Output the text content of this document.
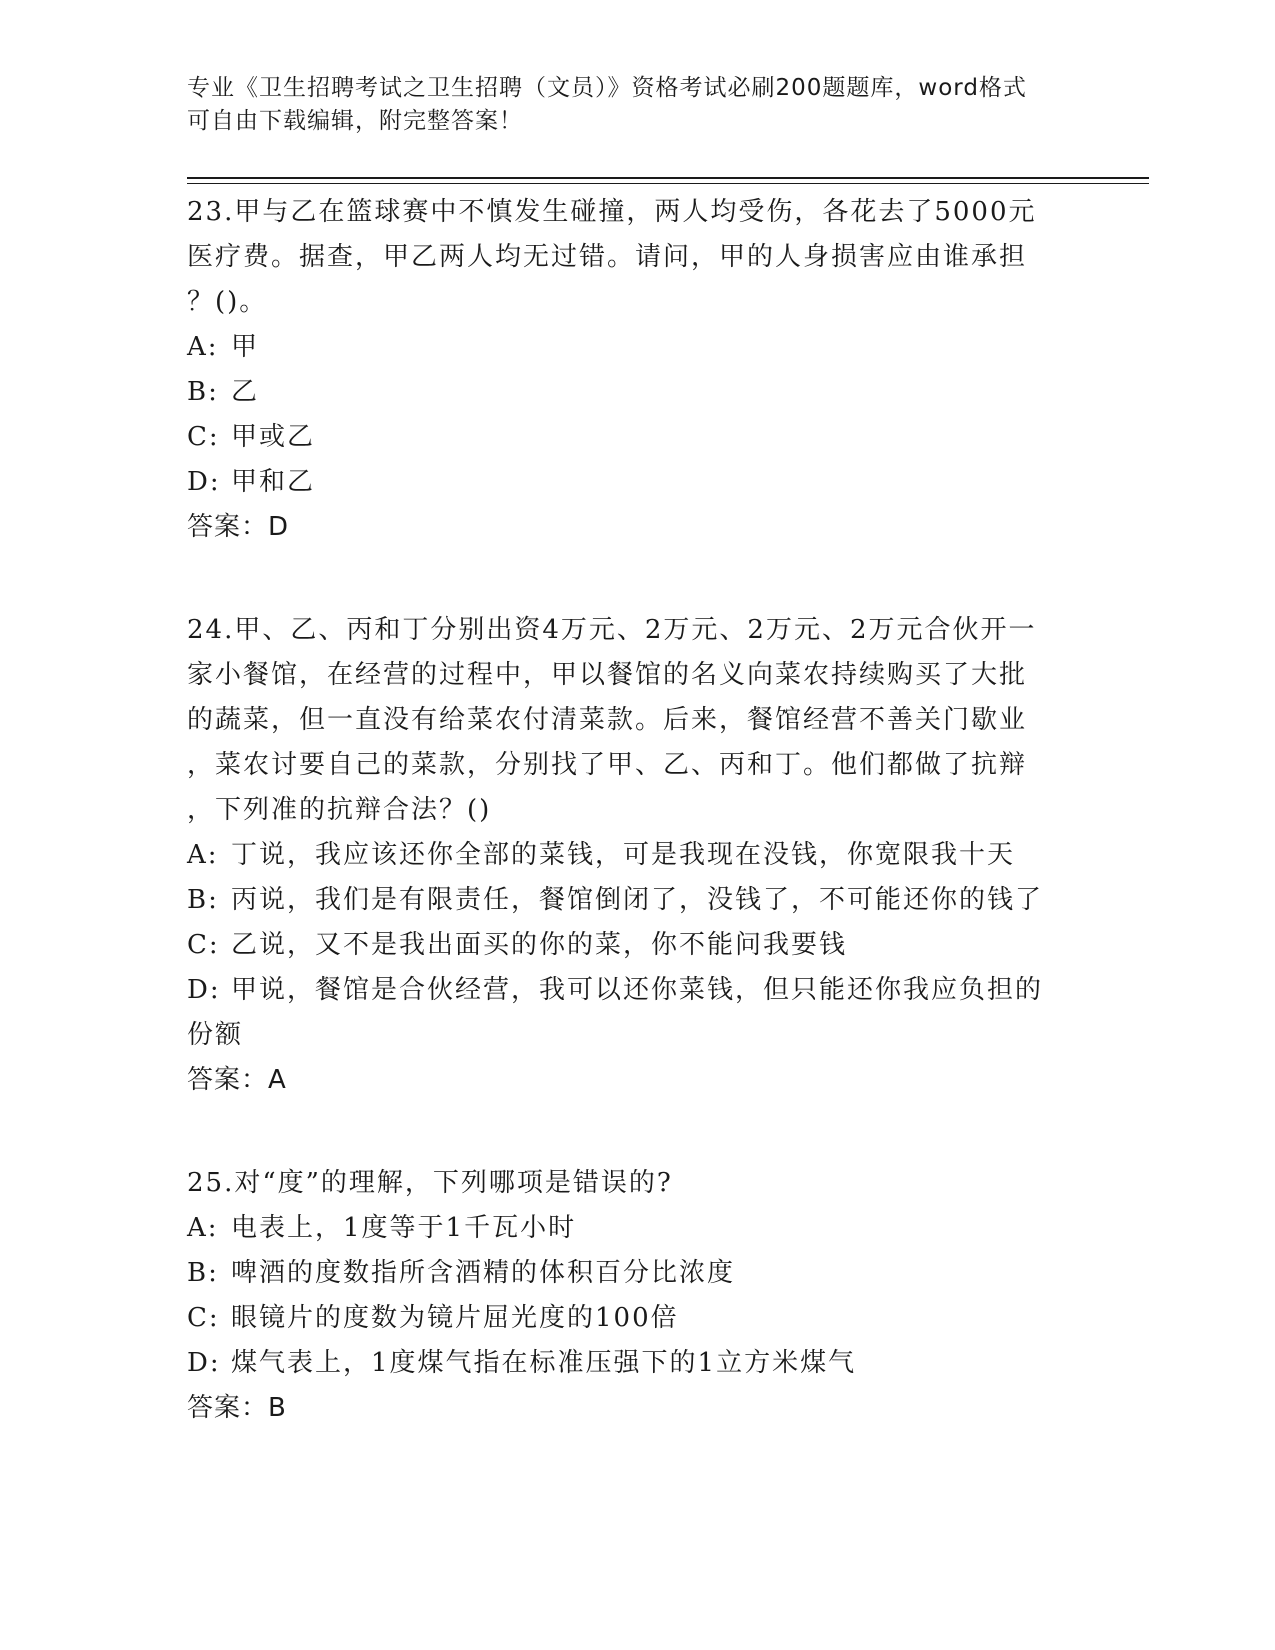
专业《卫生招聘考试之卫生招聘（文员）》资格考试必刷200题题库，word格式
可自由下载编辑，附完整答案！

23.甲与乙在篮球赛中不慎发生碰撞，两人均受伤，各花去了5000元

医疗费。据查，甲乙两人均无过错。请问，甲的人身损害应由谁承担

？()。

A: 甲

B: 乙

C: 甲或乙

D: 甲和乙

答案：D

24.甲、乙、丙和丁分别出资4万元、2万元、2万元、2万元合伙开一

家小餐馆，在经营的过程中，甲以餐馆的名义向菜农持续购买了大批

的蔬菜，但一直没有给菜农付清菜款。后来，餐馆经营不善关门歇业

，菜农讨要自己的菜款，分别找了甲、乙、丙和丁。他们都做了抗辩

，下列准的抗辩合法？()

A: 丁说，我应该还你全部的菜钱，可是我现在没钱，你宽限我十天

B: 丙说，我们是有限责任，餐馆倒闭了，没钱了，不可能还你的钱了

C: 乙说，又不是我出面买的你的菜，你不能问我要钱

D: 甲说，餐馆是合伙经营，我可以还你菜钱，但只能还你我应负担的

份额

答案：A

25.对“度”的理解，下列哪项是错误的?

A: 电表上，1度等于1千瓦小时

B: 啤酒的度数指所含酒精的体积百分比浓度

C: 眼镜片的度数为镜片屈光度的100倍

D: 煤气表上，1度煤气指在标准压强下的1立方米煤气

答案：B
